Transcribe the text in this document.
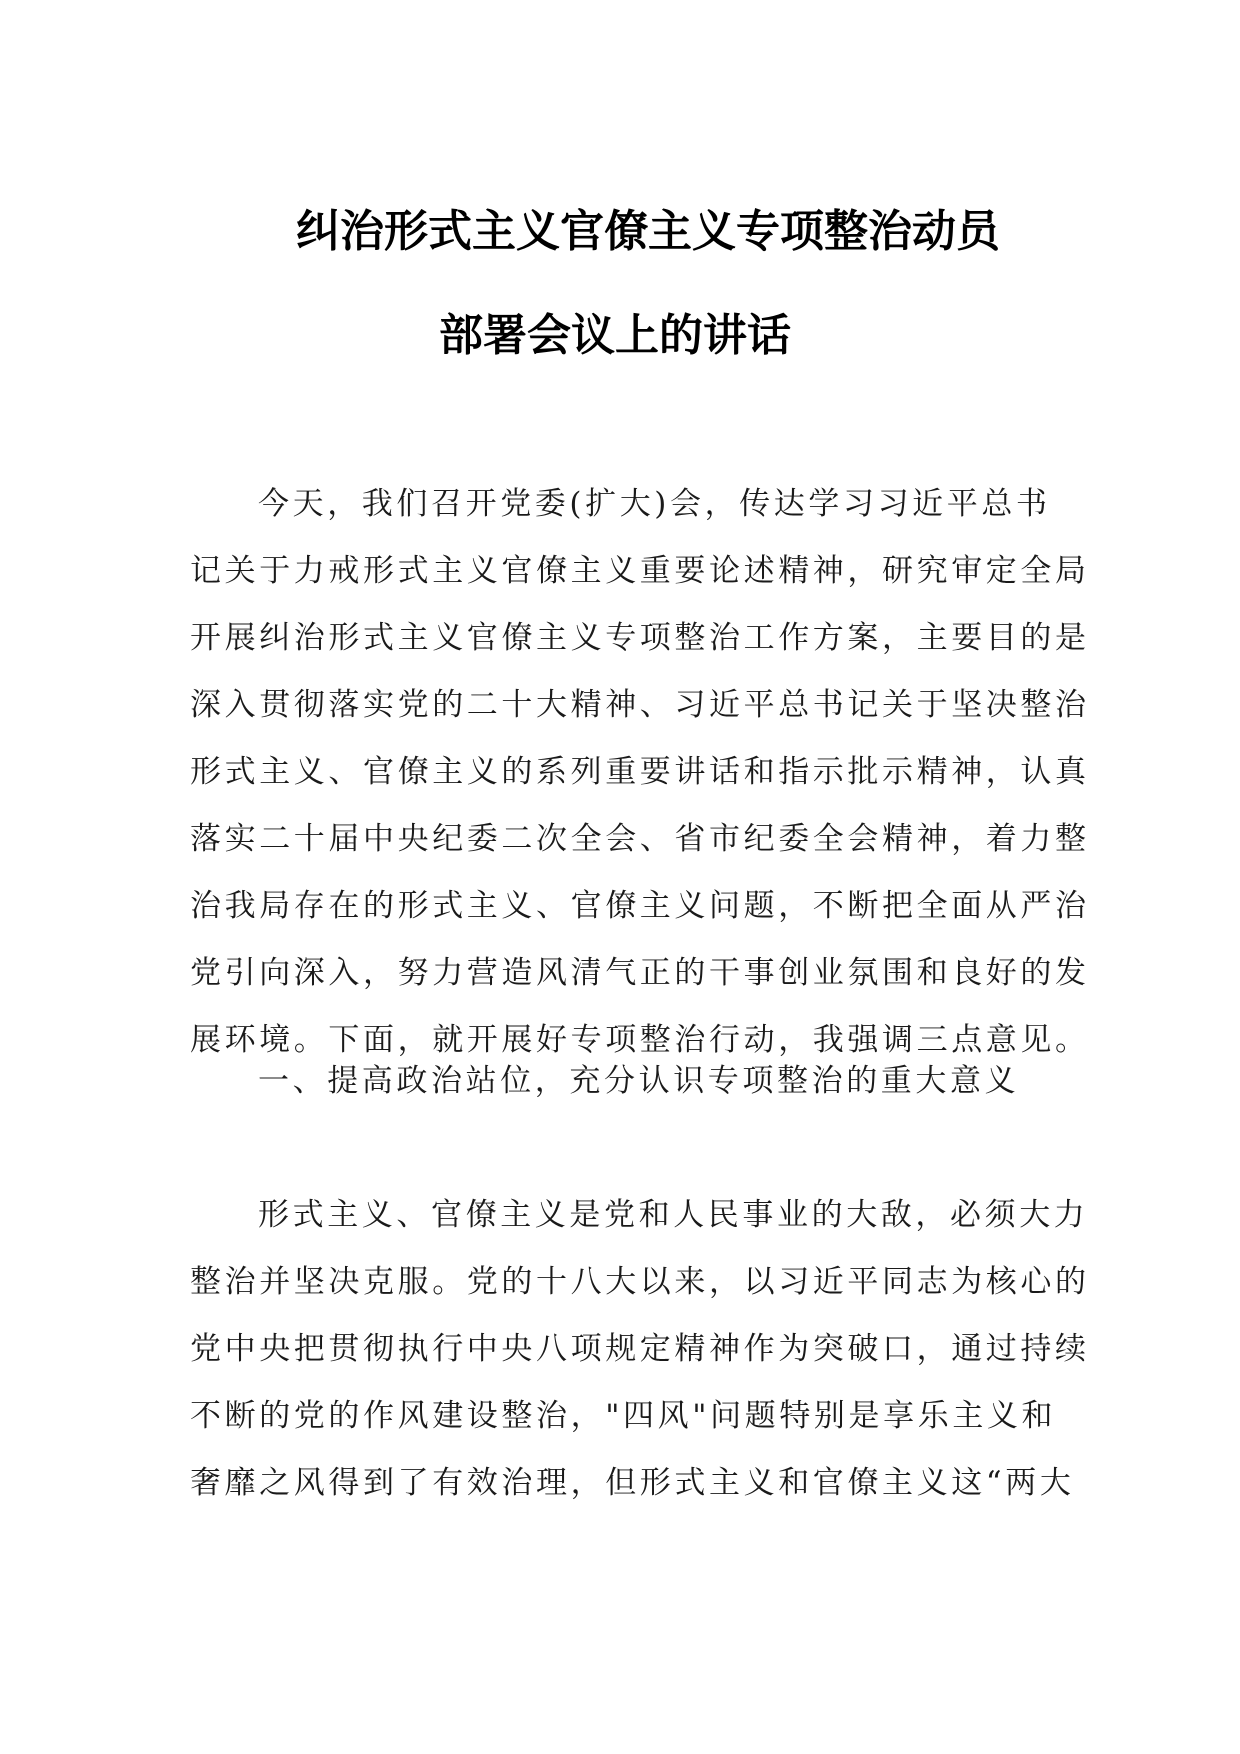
纠治形式主义官僚主义专项整治动员
部署会议上的讲话
今天，我们召开党委(扩大)会，传达学习习近平总书
记关于力戒形式主义官僚主义重要论述精神，研究审定全局
开展纠治形式主义官僚主义专项整治工作方案，主要目的是
深入贯彻落实党的二十大精神、习近平总书记关于坚决整治
形式主义、官僚主义的系列重要讲话和指示批示精神，认真
落实二十届中央纪委二次全会、省市纪委全会精神，着力整
治我局存在的形式主义、官僚主义问题，不断把全面从严治
党引向深入，努力营造风清气正的干事创业氛围和良好的发
展环境。下面，就开展好专项整治行动，我强调三点意见。
一、提高政治站位，充分认识专项整治的重大意义
形式主义、官僚主义是党和人民事业的大敌，必须大力
整治并坚决克服。党的十八大以来，以习近平同志为核心的
党中央把贯彻执行中央八项规定精神作为突破口，通过持续
不断的党的作风建设整治，"四风"问题特别是享乐主义和
奢靡之风得到了有效治理，但形式主义和官僚主义这“两大
